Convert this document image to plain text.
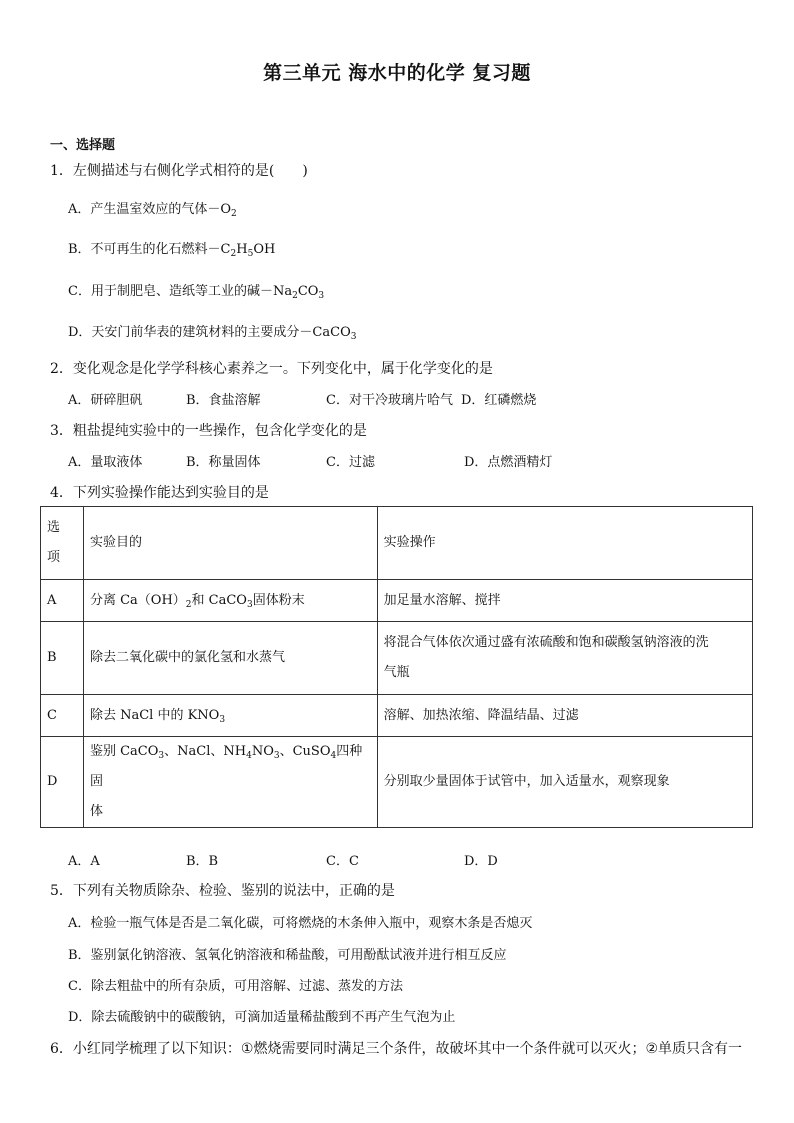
第三单元 海水中的化学 复习题
一、选择题
1．左侧描述与右侧化学式相符的是(　　)
A．产生温室效应的气体$-O_2$
B．不可再生的化石燃料$-C_2H_5OH$
C．用于制肥皂、造纸等工业的碱$-Na_2CO_3$
D．天安门前华表的建筑材料的主要成分－CaCO$_3$
2．变化观念是化学学科核心素养之一。下列变化中，属于化学变化的是
A．研碎胆矾	B．食盐溶解	C．对干冷玻璃片哈气 D．红磷燃烧
3．粗盐提纯实验中的一些操作，包含化学变化的是
A．量取液体	B．称量固体	C．过滤	D．点燃酒精灯
4．下列实验操作能达到实验目的是
选
项	实验目的	实验操作
A	分离 $Ca(OH)_2$和 CaCO$_3$固体粉末	加足量水溶解、搅拌
B	除去二氧化碳中的氯化氢和水蒸气	将混合气体依次通过盛有浓硫酸和饱和碳酸氢钠溶液的洗
气瓶

C	除去 NaCl 中的 $KNO_3$	溶解、加热浓缩、降温结晶、过滤
D	鉴别 CaCO$_3$、NaCl、$NH_4NO_3$、CuSO$_4$四种固
体	分别取少量固体于试管中，加入适量水，观察现象
A．A	B．B	C．C	D．D
5．下列有关物质除杂、检验、鉴别的说法中，正确的是
A．检验一瓶气体是否是二氧化碳，可将燃烧的木条伸入瓶中，观察木条是否熄灭
B．鉴别氯化钠溶液、氢氧化钠溶液和稀盐酸，可用酚酞试液并进行相互反应
C．除去粗盐中的所有杂质，可用溶解、过滤、蒸发的方法
D．除去硫酸钠中的碳酸钠，可滴加适量稀盐酸到不再产生气泡为止
6．小红同学梳理了以下知识：①燃烧需要同时满足三个条件，故破坏其中一个条件就可以灭火；②单质只含有一
